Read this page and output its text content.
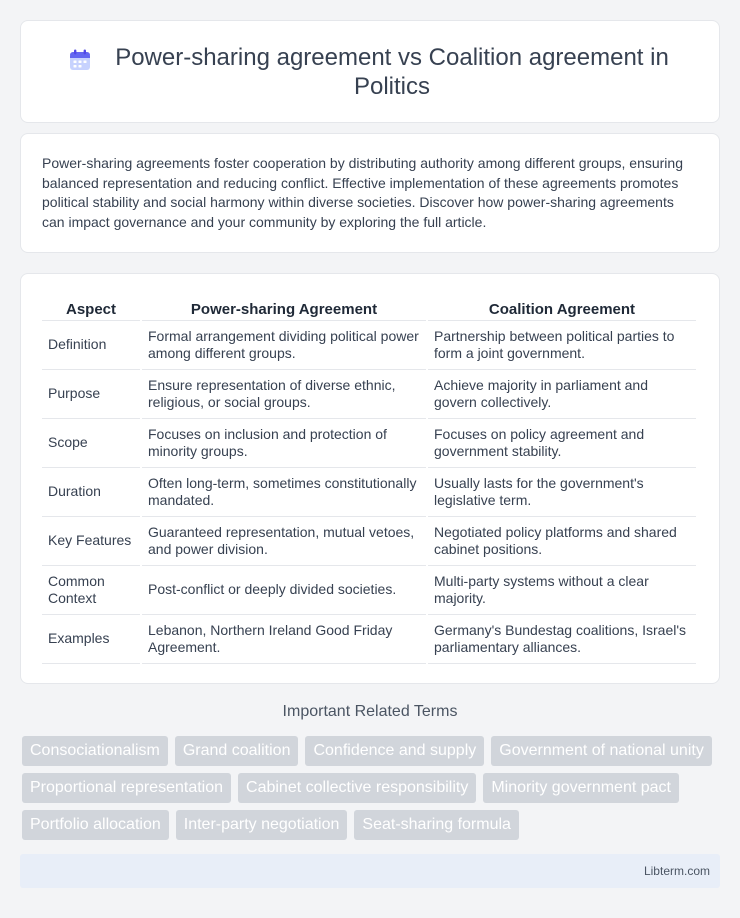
Power-sharing agreement vs Coalition agreement in Politics

Power-sharing agreements foster cooperation by distributing authority among different groups, ensuring balanced representation and reducing conflict. Effective implementation of these agreements promotes political stability and social harmony within diverse societies. Discover how power-sharing agreements can impact governance and your community by exploring the full article.

Aspect	Power-sharing Agreement	Coalition Agreement
Definition	Formal arrangement dividing political power among different groups.	Partnership between political parties to form a joint government.
Purpose	Ensure representation of diverse ethnic, religious, or social groups.	Achieve majority in parliament and govern collectively.
Scope	Focuses on inclusion and protection of minority groups.	Focuses on policy agreement and government stability.
Duration	Often long-term, sometimes constitutionally mandated.	Usually lasts for the government's legislative term.
Key Features	Guaranteed representation, mutual vetoes, and power division.	Negotiated policy platforms and shared cabinet positions.
Common Context	Post-conflict or deeply divided societies.	Multi-party systems without a clear majority.
Examples	Lebanon, Northern Ireland Good Friday Agreement.	Germany's Bundestag coalitions, Israel's parliamentary alliances.
Important Related Terms
Consociationalism	Grand coalition	Confidence and supply	Government of national unity
Proportional representation	Cabinet collective responsibility	Minority government pact
Portfolio allocation	Inter-party negotiation	Seat-sharing formula
Libterm.com
